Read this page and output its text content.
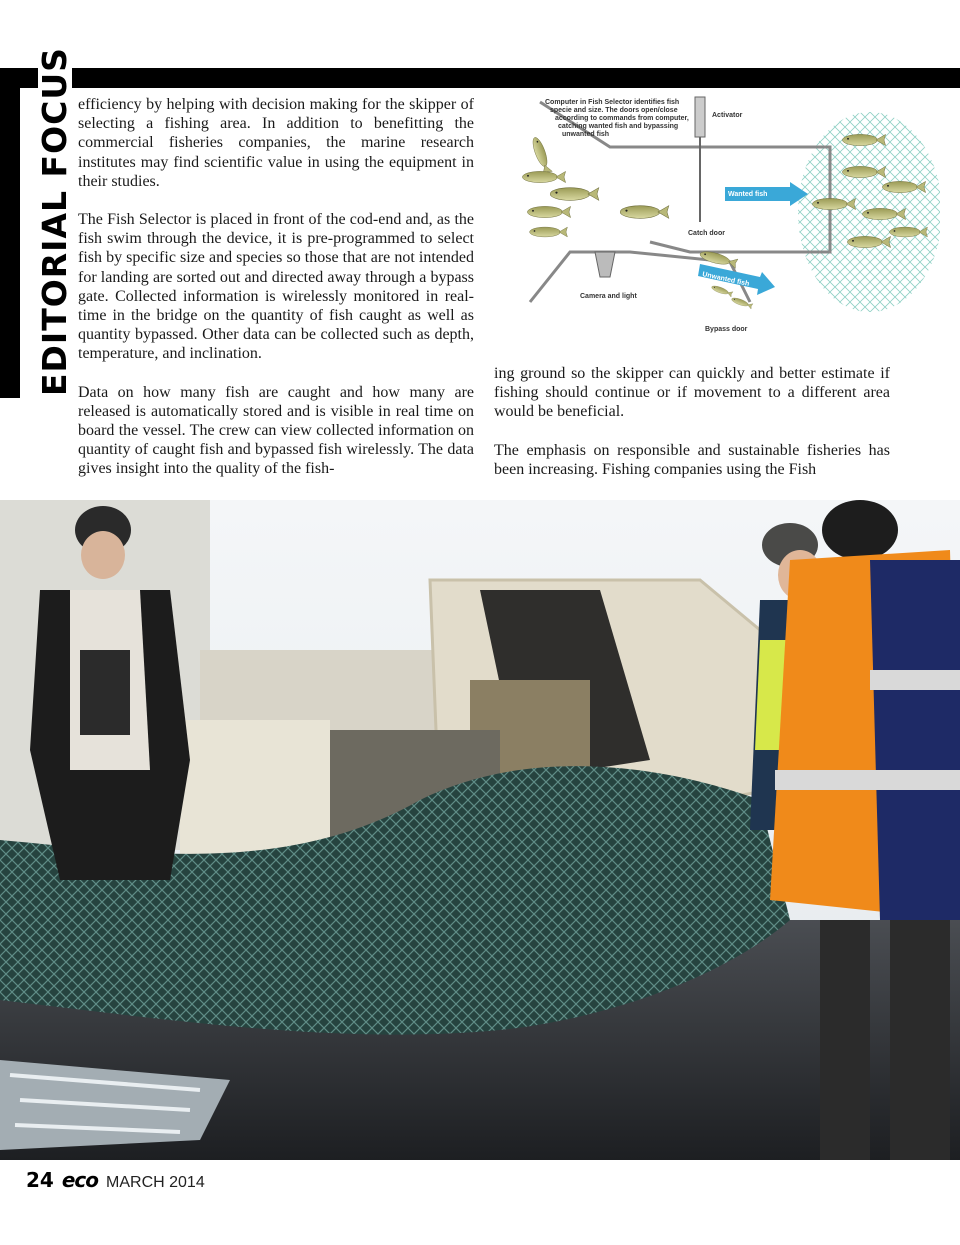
EDITORIAL FOCUS efficiency by helping with decision making for the skipper of selecting a fishing area. In addition to benefitting the commercial fisheries companies, the marine research institutes may find scientific value in using the equipment in their studies.

The Fish Selector is placed in front of the cod-end and, as the fish swim through the device, it is pre-programmed to select fish by specific size and species so those that are not intended for landing are sorted out and directed away through a bypass gate. Collected information is wirelessly monitored in real-time in the bridge on the quantity of fish caught as well as quantity bypassed. Other data can be collected such as depth, temperature, and inclination.

Data on how many fish are caught and how many are released is automatically stored and is visible in real time on board the vessel. The crew can view collected information on quantity of caught fish and bypassed fish wirelessly. The data gives insight into the quality of the fish-

Computer in Fish Selector identifies fish
specie and size. The doors open/close
according to commands from computer,
catching wanted fish and bypassing
unwanted fish
Activator
Wanted fish
Catch door
Unwanted fish
Camera and light
Bypass door

ing ground so the skipper can quickly and better estimate if fishing should continue or if movement to a different area would be beneficial.

The emphasis on responsible and sustainable fisheries has been increasing. Fishing companies using the Fish

24 eco MARCH 2014
